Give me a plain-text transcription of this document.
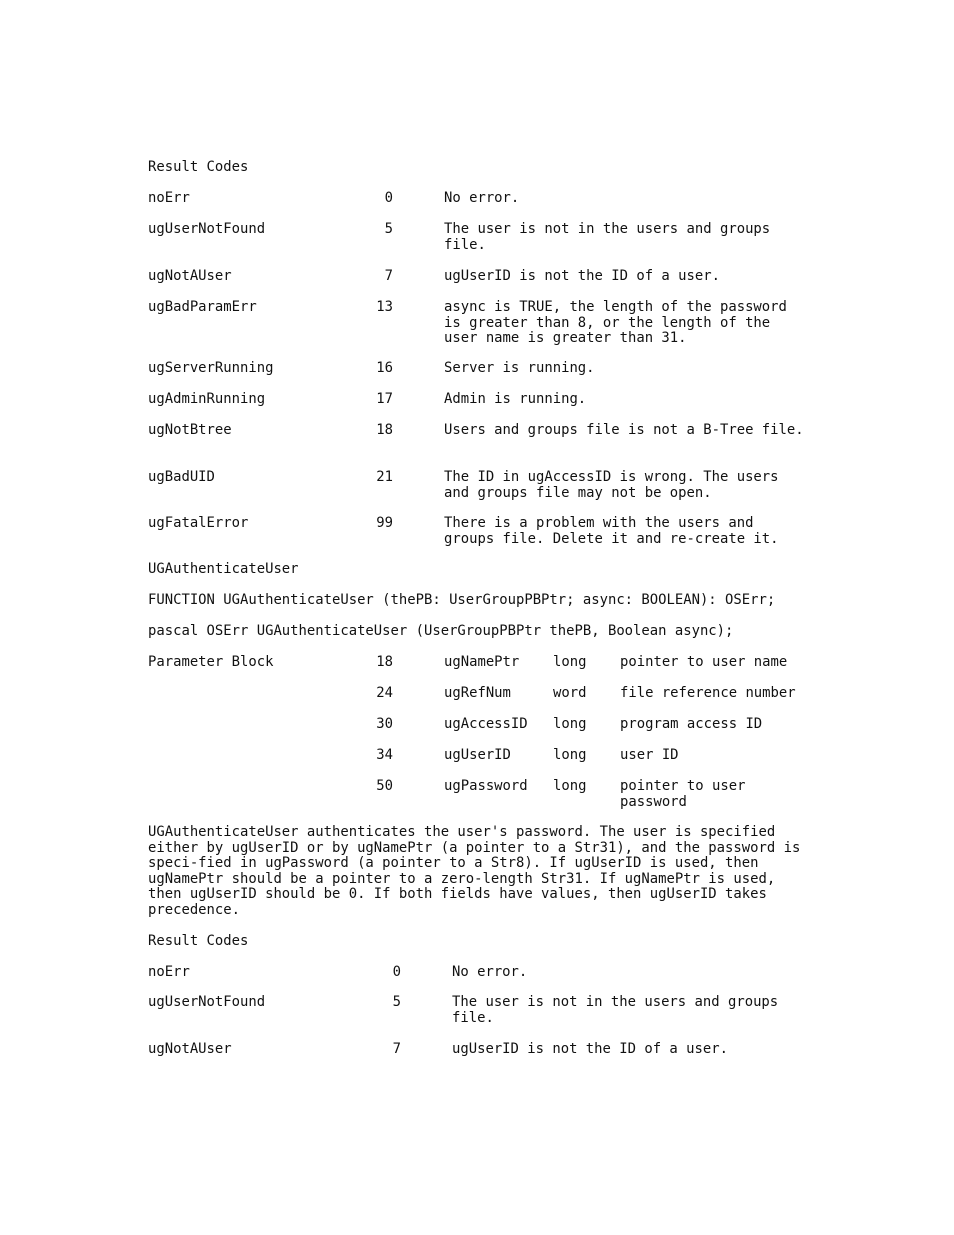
Result Codes
noErr	0	No error.
ugUserNotFound	5	The user is not in the users and groups file.
ugNotAUser	7	ugUserID is not the ID of a user.
ugBadParamErr	13	async is TRUE, the length of the password is greater than 8, or the length of the user name is greater than 31.
ugServerRunning	16	Server is running.
ugAdminRunning	17	Admin is running.
ugNotBtree	18	Users and groups file is not a B-Tree file.
ugBadUID	21	The ID in ugAccessID is wrong. The users and groups file may not be open.
ugFatalError	99	There is a problem with the users and groups file. Delete it and re-create it.
UGAuthenticateUser
FUNCTION UGAuthenticateUser (thePB: UserGroupPBPtr; async: BOOLEAN): OSErr;
pascal OSErr UGAuthenticateUser (UserGroupPBPtr thePB, Boolean async);
Parameter Block	18	ugNamePtr long pointer to user name
24	ugRefNum	word file reference number
30	ugAccessID long program access ID
34	ugUserID	long user ID
50	ugPassword long pointer to user password
UGAuthenticateUser authenticates the user's password. The user is specified either by ugUserID or by ugNamePtr (a pointer to a Str31), and the password is speci-fied in ugPassword (a pointer to a Str8). If ugUserID is used, then ugNamePtr should be a pointer to a zero-length Str31. If ugNamePtr is used, then ugUserID should be 0. If both fields have values, then ugUserID takes precedence.
Result Codes
noErr	0	No error.
ugUserNotFound	5	The user is not in the users and groups file.
ugNotAUser	7	ugUserID is not the ID of a user.
